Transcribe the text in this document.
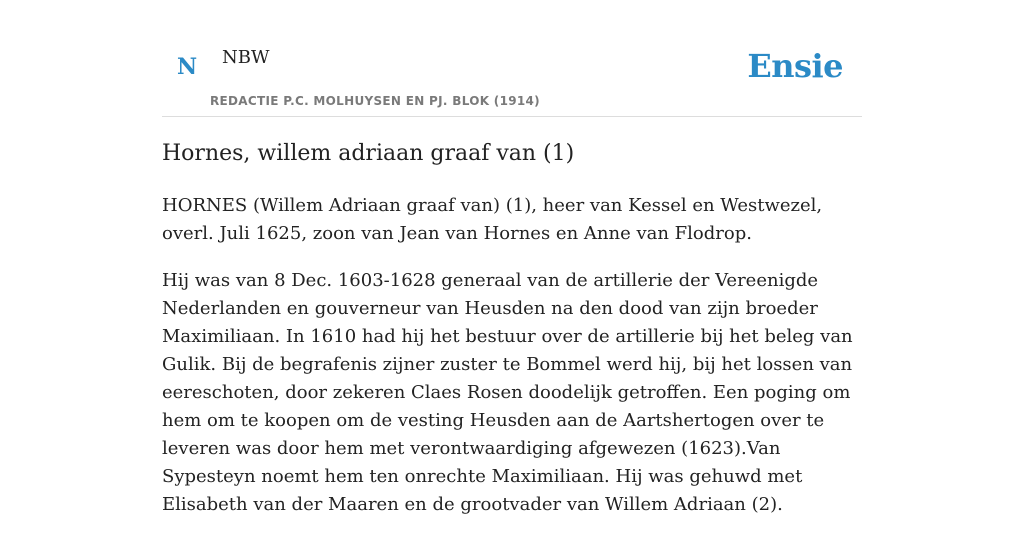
N NBW
REDACTIE P.C. MOLHUYSEN EN PJ. BLOK (1914)
Ensie
Hornes, willem adriaan graaf van (1)

HORNES (Willem Adriaan graaf van) (1), heer van Kessel en Westwezel, overl. Juli 1625, zoon van Jean van Hornes en Anne van Flodrop.

Hij was van 8 Dec. 1603-1628 generaal van de artillerie der Vereenigde Nederlanden en gouverneur van Heusden na den dood van zijn broeder Maximiliaan. In 1610 had hij het bestuur over de artillerie bij het beleg van Gulik. Bij de begrafenis zijner zuster te Bommel werd hij, bij het lossen van eereschoten, door zekeren Claes Rosen doodelijk getroffen. Een poging om hem om te koopen om de vesting Heusden aan de Aartshertogen over te leveren was door hem met verontwaardiging afgewezen (1623).Van Sypesteyn noemt hem ten onrechte Maximiliaan. Hij was gehuwd met Elisabeth van der Maaren en de grootvader van Willem Adriaan (2).
